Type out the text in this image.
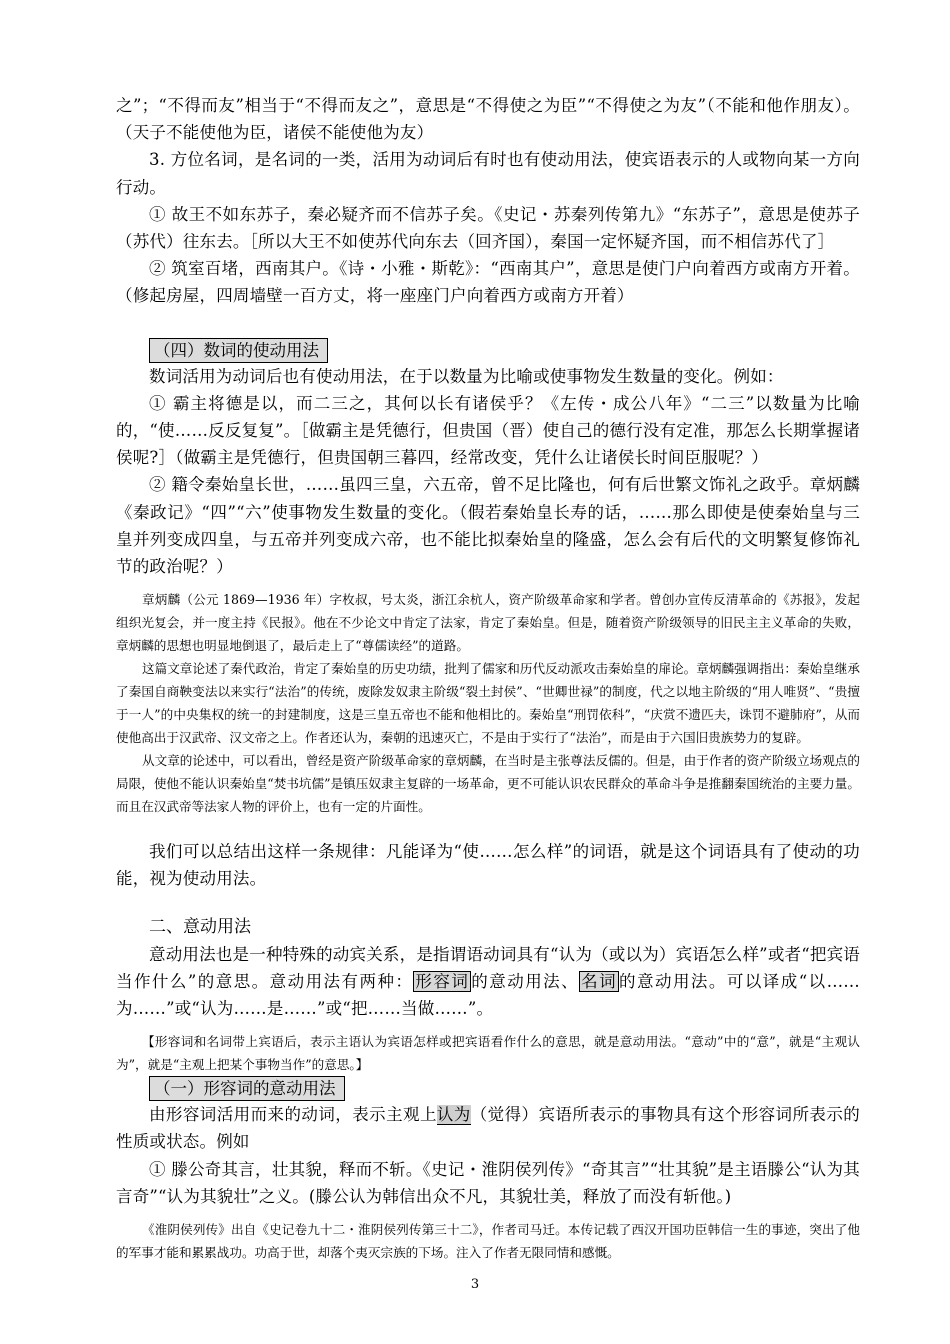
之”；“不得而友”相当于“不得而友之”，意思是“不得使之为臣”“不得使之为友”（不能和他作朋友）。（天子不能使他为臣，诸侯不能使他为友）

3. 方位名词，是名词的一类，活用为动词后有时也有使动用法，使宾语表示的人或物向某一方向行动。

① 故王不如东苏子，秦必疑齐而不信苏子矣。《史记・苏秦列传第九》“东苏子”，意思是使苏子（苏代）往东去。［所以大王不如使苏代向东去（回齐国），秦国一定怀疑齐国，而不相信苏代了］

② 筑室百堵，西南其户。《诗・小雅・斯乾》：“西南其户”，意思是使门户向着西方或南方开着。（修起房屋，四周墙壁一百方丈，将一座座门户向着西方或南方开着）

（四）数词的使动用法

数词活用为动词后也有使动用法，在于以数量为比喻或使事物发生数量的变化。例如：

① 霸主将德是以，而二三之，其何以长有诸侯乎？《左传・成公八年》“二三”以数量为比喻的，“使……反反复复”。［做霸主是凭德行，但贵国（晋）使自己的德行没有定准，那怎么长期掌握诸侯呢?］（做霸主是凭德行，但贵国朝三暮四，经常改变，凭什么让诸侯长时间臣服呢？）

② 籍令秦始皇长世，……虽四三皇，六五帝，曾不足比隆也，何有后世繁文饰礼之政乎。章炳麟《秦政记》“四”“六”使事物发生数量的变化。（假若秦始皇长寿的话，……那么即使是使秦始皇与三皇并列变成四皇，与五帝并列变成六帝，也不能比拟秦始皇的隆盛，怎么会有后代的文明繁复修饰礼节的政治呢？）

章炳麟（公元 1869—1936 年）字枚叔，号太炎，浙江余杭人，资产阶级革命家和学者。曾创办宣传反清革命的《苏报》，发起组织光复会，并一度主持《民报》。他在不少论文中肯定了法家，肯定了秦始皇。但是，随着资产阶级领导的旧民主主义革命的失败，章炳麟的思想也明显地倒退了，最后走上了“尊儒读经”的道路。

这篇文章论述了秦代政治，肯定了秦始皇的历史功绩，批判了儒家和历代反动派攻击秦始皇的扉论。章炳麟强调指出：秦始皇继承了秦国自商鞅变法以来实行“法治”的传统，废除发奴隶主阶级“裂土封侯”、“世卿世禄”的制度，代之以地主阶级的“用人唯贤”、“贵擅于一人”的中央集权的统一的封建制度，这是三皇五帝也不能和他相比的。秦始皇“刑罚依科”，“庆赏不遗匹夫，诛罚不避肺府”，从而使他高出于汉武帝、汉文帝之上。作者还认为，秦朝的迅速灭亡，不是由于实行了“法治”，而是由于六国旧贵族势力的复辟。

从文章的论述中，可以看出，曾经是资产阶级革命家的章炳麟，在当时是主张尊法反儒的。但是，由于作者的资产阶级立场观点的局限，使他不能认识秦始皇“焚书坑儒”是镇压奴隶主复辟的一场革命，更不可能认识农民群众的革命斗争是推翻秦国统治的主要力量。而且在汉武帝等法家人物的评价上，也有一定的片面性。

我们可以总结出这样一条规律：凡能译为“使……怎么样”的词语，就是这个词语具有了使动的功能，视为使动用法。

二、意动用法

意动用法也是一种特殊的动宾关系，是指谓语动词具有“认为（或以为）宾语怎么样”或者“把宾语当作什么”的意思。意动用法有两种： 形容词 的意动用法、 名词 的意动用法。可以译成“以……为……”或“认为……是……”或“把……当做……”。

【形容词和名词带上宾语后，表示主语认为宾语怎样或把宾语看作什么的意思，就是意动用法。“意动”中的“意”，就是“主观认为”，就是“主观上把某个事物当作”的意思。】

（一）形容词的意动用法

由形容词活用而来的动词，表示主观上认为（觉得）宾语所表示的事物具有这个形容词所表示的性质或状态。例如

① 滕公奇其言，壮其貌，释而不斩。《史记・淮阴侯列传》“奇其言”“壮其貌”是主语滕公“认为其言奇”“认为其貌壮”之义。(滕公认为韩信出众不凡，其貌壮美，释放了而没有斩他。)

《淮阴侯列传》出自《史记卷九十二・淮阴侯列传第三十二》，作者司马迁。本传记载了西汉开国功臣韩信一生的事迹，突出了他的军事才能和累累战功。功高于世，却落个夷灭宗族的下场。注入了作者无限同情和感慨。

3
